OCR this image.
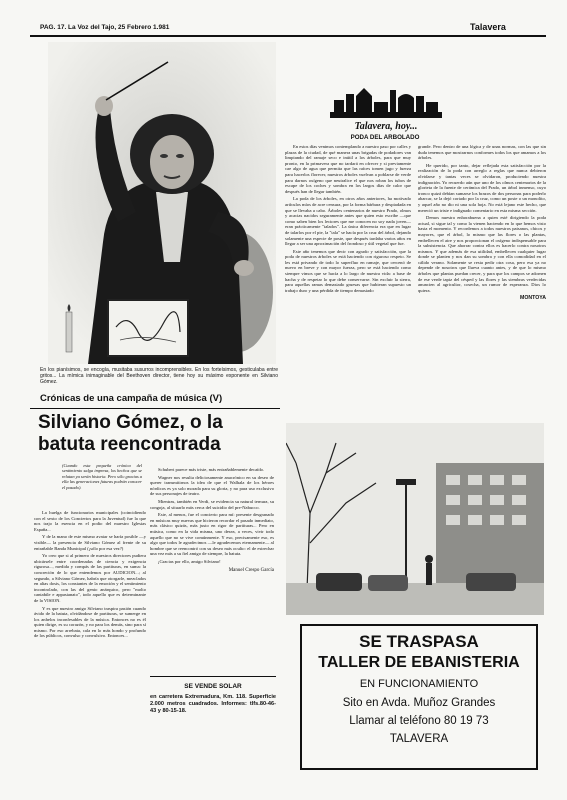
PAG. 17. La Voz del Tajo, 25 Febrero 1.981	Talavera
En los pianísimos, se encogía, musitaba susurros incomprensibles. En los forteísimos, gesticulaba entre gritos... La mímica inimaginable del Beethoven director, tiene hoy su máximo exponente en Silviano Gómez.
Crónicas de una campaña de música (V)
Silviano Gómez, o la batuta reencontrada
(Cuando esta pequeña crónica del sentimiento salga impresa, los hechos que se relatan ya serán historia. Pero sólo gracias a ella las generaciones futuras podrán conocer el pasado).

La huelga de funcionarios municipales (coincidiendo con el sexto de los Conciertos para la Juventud) fue la que nos trajo la esencia en el podio del maestro Iglesias España...

Y de la mano de este mismo avatar se haría posible —y visible— la presencia de Silviano Gómez al frente de su entrañable Banda Municipal (¡sólo por esa vez?)

Yo creo que si al primero de nuestros directores pudiera ubicársele entre coordenadas de ciencia y exigencia rigurosa..., medida y compás de las partituras, en suma: la concreción de lo que entendemos por AUDICION...; al segundo, a Silviano Gómez, habría que otorgarle, mezclados en altas dosis, los constantes de la emoción y el sentimiento incontrolado, con las del genio anárquico, pero "molto cantabile e appasianato", todo aquello que es determinante de la VISION.

Y es que nuestro amigo Silviano traspira pasión cuando ávido de la batuta, olvidándose de partituras, se sumerge en los anhelos inconfesables de la música. Entonces no es él quien dirige, es su corazón, y no para los demás, sino para sí mismo. Por eso arrebata, cala en lo más hondo y profundo de los públicos, convulso y convulsivo. Entonces...

Schubert parece más triste, más entrañablemente decaído.

Wagner nos resulta deliciosamente anacrónico en su deseo de querer transmitirnos la idea de que el Walhala de los héroes nórdicos es ya solo morada para su gloria, y no para uso exclusivo de sus personajes de teatro.

Mientras, también en Verdi, se evidencia su natural ternura, su congoja, al situarlo más cerca del suicidio del pre-Nabucco.

Este, al menos, fue el concierto para mí: presente desgranado en músicas muy nuevas que hicieron recordar el pasado inmediato, más clásico quizás, más justo en rigor de partituras... Pero en música, como en la vida misma, uno desea, a veces, vivir todo aquello que no se vive comúnmente. Y eso, precisamente eso, es algo que todos le agradecimos —le agradecemos eternamente— al hombre que se reencontró con su deseo más oculto: el de estrechar una vez más a su fiel amigo de siempre, la batuta.

¡Gracias por ello, amigo Silviano!

Manuel Crespo García
SE VENDE SOLAR
en carretera Extremadura, Km. 118. Superficie 2.000 metros cuadrados. Informes: tlfs.80-46-43 y 80-15-18.
Talavera, hoy...
PODA DEL ARBOLADO

En estos días venimos contemplando a nuestro paso por calles y plazas de la ciudad, de qué manera unas brigadas de podadores van limpiando del ramaje seco e inútil a los árboles, para que muy pronto, en la primavera que no tardará en ofrecer y si previamente cae algo de agua que permita que las raíces tomen jugo y fuerza para hacerlos florecer, nuestros árboles vuelvan a poblarse de verde para darnos oxígeno que neutralice el que nos roban los tubos de escape de los coches y sombra en los largos días de calor que después han de llegar también.

La poda de los árboles, en otros años anteriores, ha motivado artículos míos de acre censura, por la forma bárbara y despiadada en que se llevaba a cabo. Árboles centenarios de nuestro Prado, olmos y acacias nacidos seguramente antes que quien esto escribe —que como saben bien los lectores que me conocen no soy nada joven— eran prácticamente "talados". La única diferencia era que en lugar de talarlos por el pie, la "tala" se hacía por la cruz del árbol, dejando solamente una especie de poste, que después tardaba varios años en llegar a ser una aproximación del frondoso y útil vegetal que fue.

Este año tenemos que decir con agrado y satisfacción, que la poda de nuestros árboles se está haciendo con riguroso respeto. Se les está privando de todo lo superfluo en ramaje, que cercenó de nuevo en breve y con mayor fuerza, pero se está haciendo como siempre vimos que se hacía a lo largo de nuestra vida: a base de hacha y de respetar lo que debe conservarse. Sin excluir la sierra, para aquellas ramas demasiado gruesas que hubieran supuesto un trabajo duro y una pérdida de tiempo demasiado

grande. Pero dentro de una lógica y de unas normas, con las que sin duda tenemos que mostrarnos conformes todos los que amamos a los árboles.

He querido, por tanto, dejar reflejada esta satisfacción por la realización de la poda con arreglo a reglas que nunca debieron olvidarse y tantas veces se olvidaron, produciendo nuestra indignación. Yo recuerdo aún que uno de los olmos centenarios de la glorieta de la fuente de cerámica del Prado, un árbol inmenso, cuyo tronco quizá debían sumarse los brazos de dos personas para poderlo abarcar, se la dejó cortado por la cruz, como un poste o un monolito, y aquel año no dio ni una sola hoja. No está lejano este hecho, que mereció un triste e indignado comentario en esta misma sección.

Demos nuestra enhorabuena a quien esté dirigiendo la poda actual, si sigue tal y como la vienen haciendo en lo que hemos visto hasta el momento. Y recordemos a todos nuestros paisanos, chicos y mayores, que el árbol, lo mismo que las flores o las plantas, embellecen el aire y nos proporcionan el oxígeno indispensable para la subsistencia. Que ahorrar contra ellos es hacerlo contra nosotros mismos. Y que además de esa utilidad, embellecen cualquier lugar donde se planten y nos dan su sombra y con ella comodidad en el cálido verano. Solamente se resta pedir otra cosa, pero esa ya no depende de nosotros que llueva cuanto antes, y de que lo mismo árboles que plantas puedan crecer, y para que los campos se adornen de ese verde tapiz del césped y las flores y las siembras verdecidas anuncien al agricultor, cosecha, un rumor de esperanza. Dios lo quiera.

MONTOYA
SE TRASPASA
TALLER DE EBANISTERIA
EN FUNCIONAMIENTO
Sito en Avda. Muñoz Grandes
Llamar al teléfono 80 19 73
TALAVERA
